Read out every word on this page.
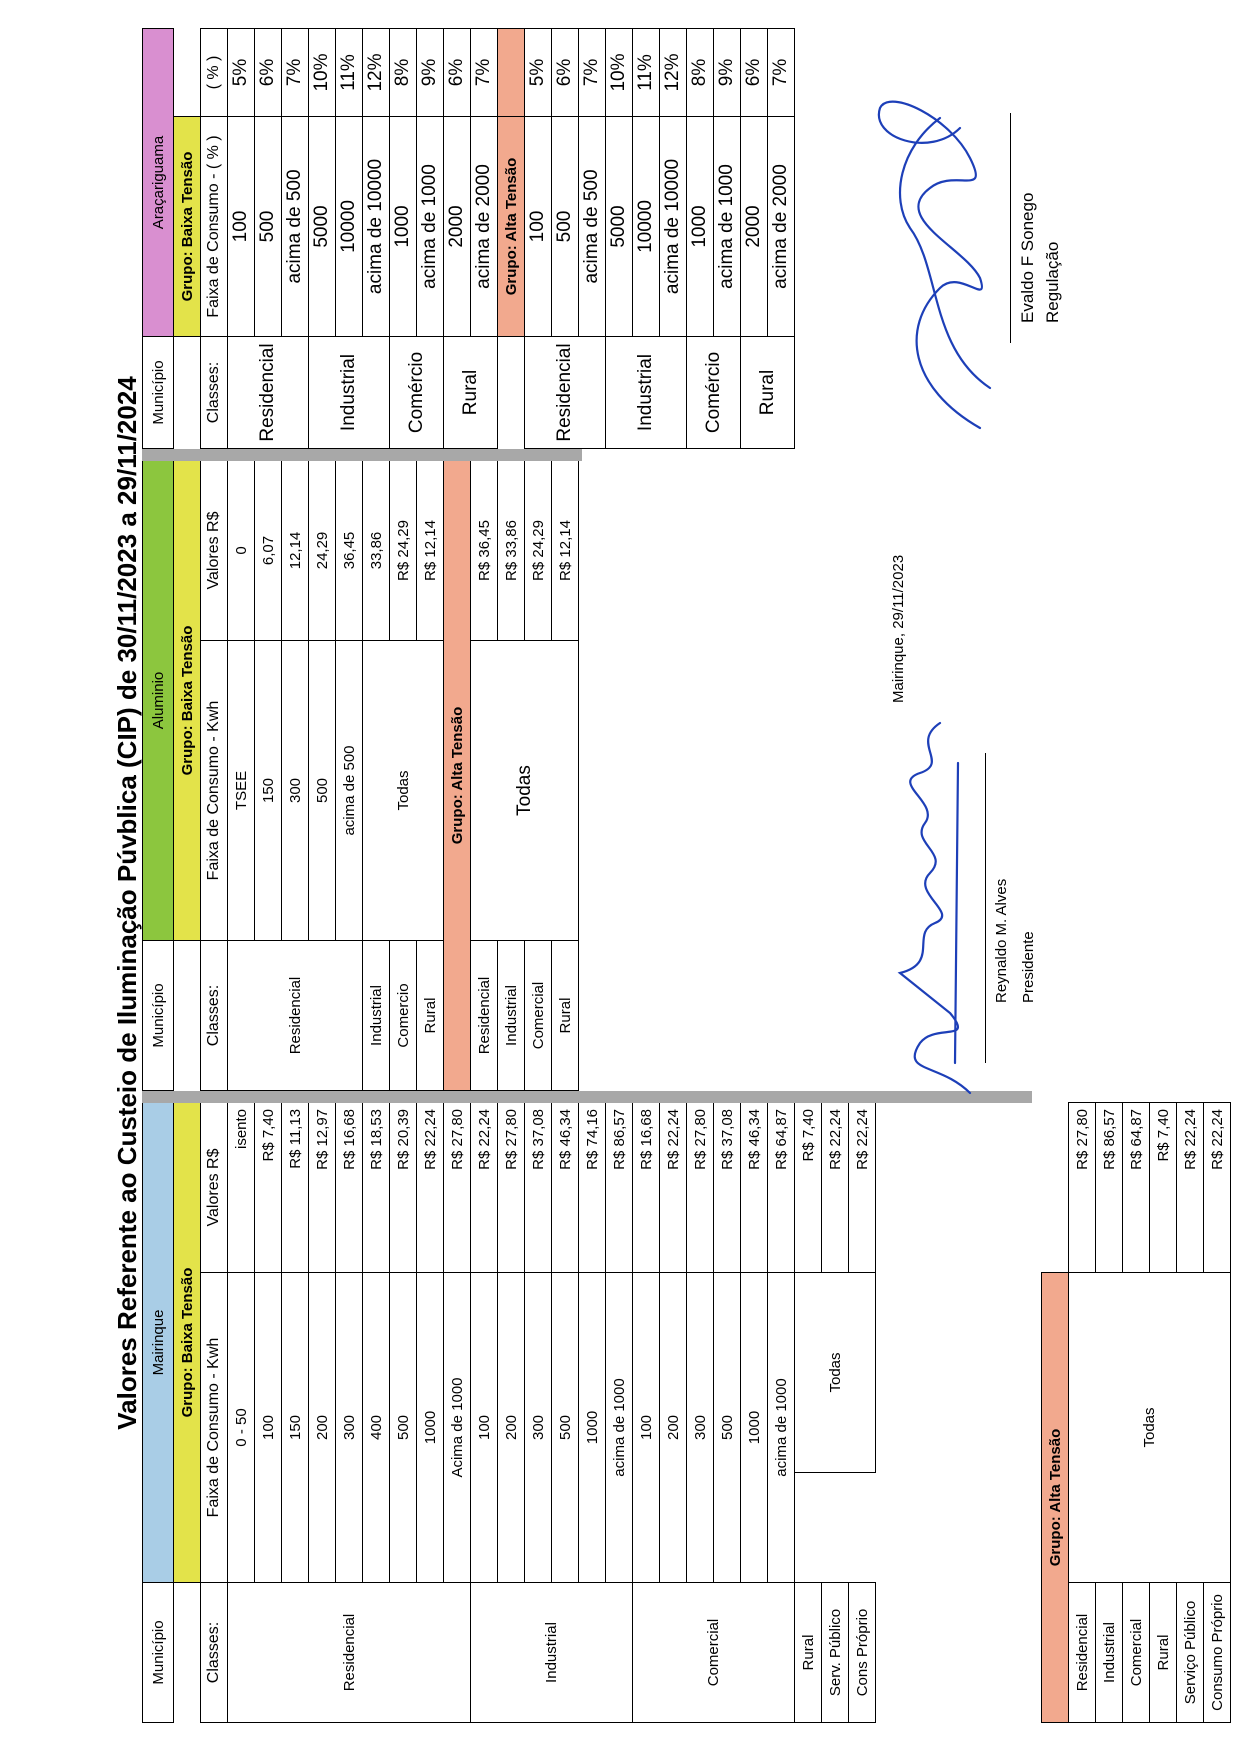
Valores Referente ao Custeio de Iluminação Púvblica (CIP) de 30/11/2023 a 29/11/2024
Município	Mairinque		
	Grupo: Baixa Tensão		
Classes:	Faixa de Consumo - Kwh		Valores R$
Residencial	0 - 50		isento
	100		R$ 7,40
	150		R$ 11,13
	200		R$ 12,97
	300		R$ 16,68
	400		R$ 18,53
	500		R$ 20,39
	1000		R$ 22,24
	Acima de 1000		R$ 27,80
Industrial	100		R$ 22,24
	200		R$ 27,80
	300		R$ 37,08
	500		R$ 46,34
	1000		R$ 74,16
	acima de 1000		R$ 86,57
Comercial	100		R$ 16,68
	200		R$ 22,24
	300		R$ 27,80
	500		R$ 37,08
	1000		R$ 46,34
	acima de 1000		R$ 64,87
Rural		Todas	R$ 7,40
Serv. Público			R$ 22,24
Cons Próprio			R$ 22,24
Grupo: Alta Tensão		
Residencial	Todas	R$ 27,80
Industrial		R$ 86,57
Comercial		R$ 64,87
Rural		R$ 7,40
Serviço Público		R$ 22,24
Consumo Próprio		R$ 22,24
Município	Aluminio	
	Grupo: Baixa Tensão	
Classes:	Faixa de Consumo - Kwh	Valores R$
Residencial	TSEE	0
	150	6,07
	300	12,14
	500	24,29
	acima de 500	36,45
Industrial	Todas	33,86
Comercio		R$ 24,29
Rural		R$ 12,14
Grupo: Alta Tensão		
Residencial	Todas	R$ 36,45
Industrial		R$ 33,86
Comercial		R$ 24,29
Rural		R$ 12,14
Município	Araçariguama	
	Grupo: Baixa Tensão	
Classes:	Faixa de Consumo - ( % )	( % )
Residencial	100	5%
	500	6%
	acima de 500	7%
Industrial	5000	10%
	10000	11%
	acima de 10000	12%
Comércio	1000	8%
	acima de 1000	9%
Rural	2000	6%
	acima de 2000	7%
	Grupo: Alta Tensão	
Residencial	100	5%
	500	6%
	acima de 500	7%
Industrial	5000	10%
	10000	11%
	acima de 10000	12%
Comércio	1000	8%
	acima de 1000	9%
Rural	2000	6%
	acima de 2000	7%
Mairinque, 29/11/2023
Reynaldo M. Alves Presidente
Evaldo F Sonego Regulação
